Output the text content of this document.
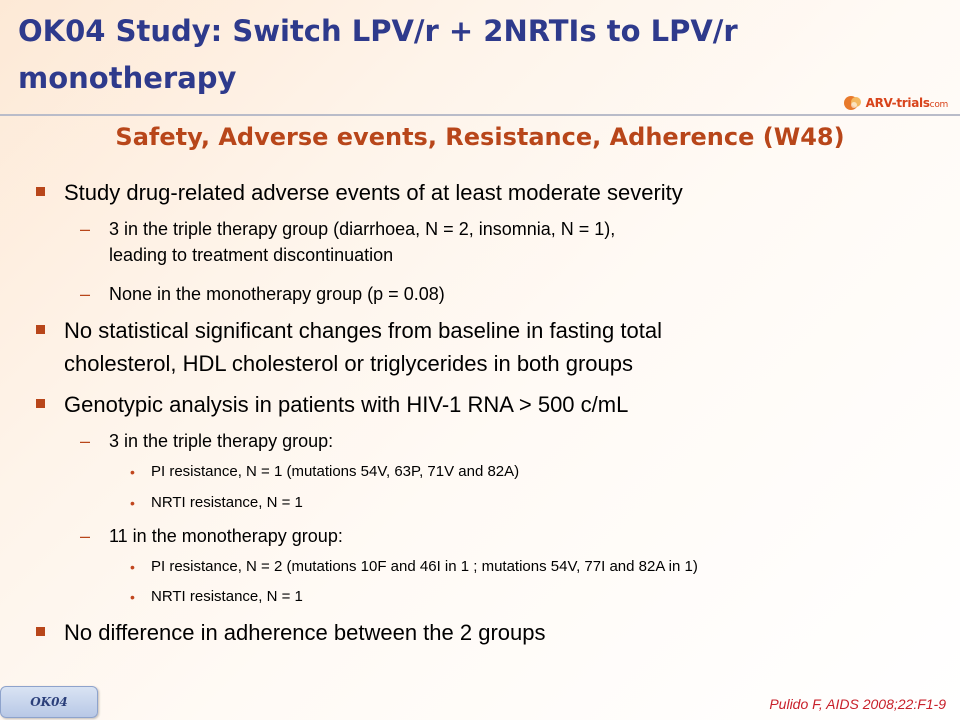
OK04 Study: Switch LPV/r + 2NRTIs to LPV/r
monotherapy
ARV-trialscom
Safety, Adverse events, Resistance, Adherence (W48)
Study drug-related adverse events of at least moderate severity
–	3 in the triple therapy group (diarrhoea, N = 2, insomnia, N = 1),
leading to treatment discontinuation
–	None in the monotherapy group (p = 0.08)
No statistical significant changes from baseline in fasting total
cholesterol, HDL cholesterol or triglycerides in both groups
Genotypic analysis in patients with HIV-1 RNA > 500 c/mL
–	3 in the triple therapy group:
•	PI resistance, N = 1 (mutations 54V, 63P, 71V and 82A)
•	NRTI resistance, N = 1
–	11 in the monotherapy group:
•	PI resistance, N = 2 (mutations 10F and 46I in 1 ; mutations 54V, 77I and 82A in 1)
•	NRTI resistance, N = 1
No difference in adherence between the 2 groups
Pulido F, AIDS 2008;22:F1-9
OK04
